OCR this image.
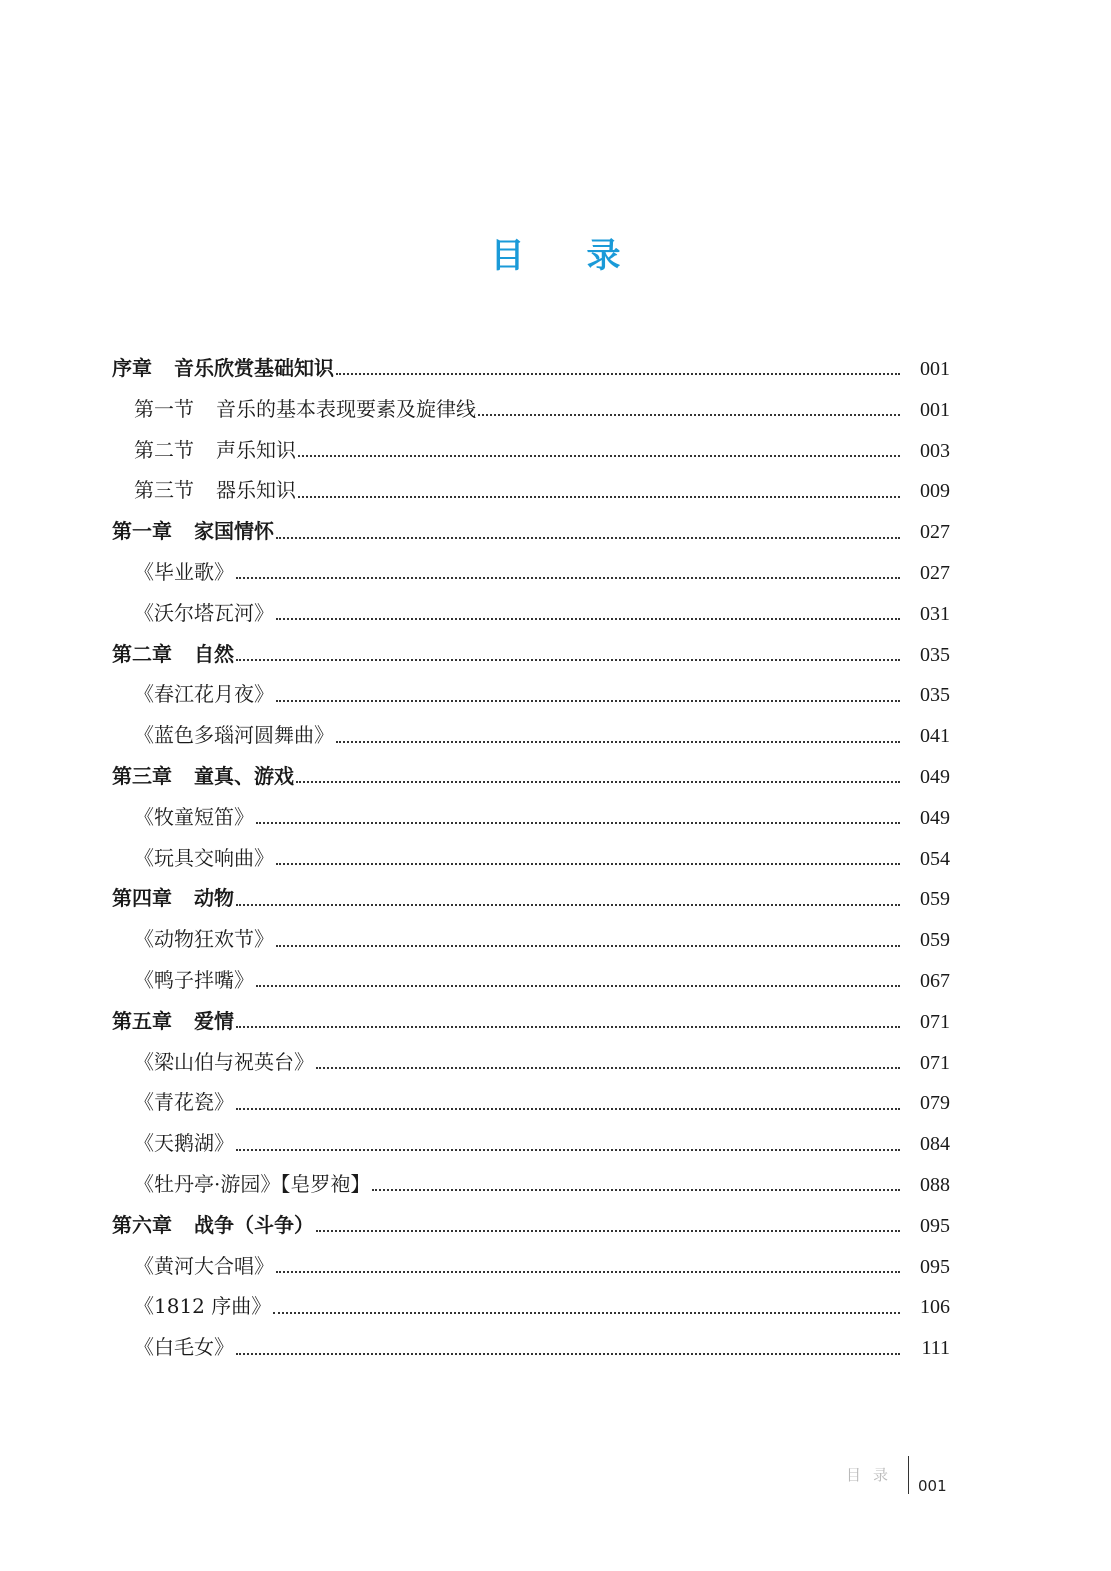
目 录
序章 音乐欣赏基础知识	001
第一节 音乐的基本表现要素及旋律线	001
第二节 声乐知识	003
第三节 器乐知识	009
第一章 家国情怀	027
《毕业歌》	027
《沃尔塔瓦河》	031
第二章 自然	035
《春江花月夜》	035
《蓝色多瑙河圆舞曲》	041
第三章 童真、游戏	049
《牧童短笛》	049
《玩具交响曲》	054
第四章 动物	059
《动物狂欢节》	059
《鸭子拌嘴》	067
第五章 爱情	071
《梁山伯与祝英台》	071
《青花瓷》	079
《天鹅湖》	084
《牡丹亭·游园》【皂罗袍】	088
第六章 战争（斗争）	095
《黄河大合唱》	095
《1812 序曲》	106
《白毛女》	111
目 录
001
